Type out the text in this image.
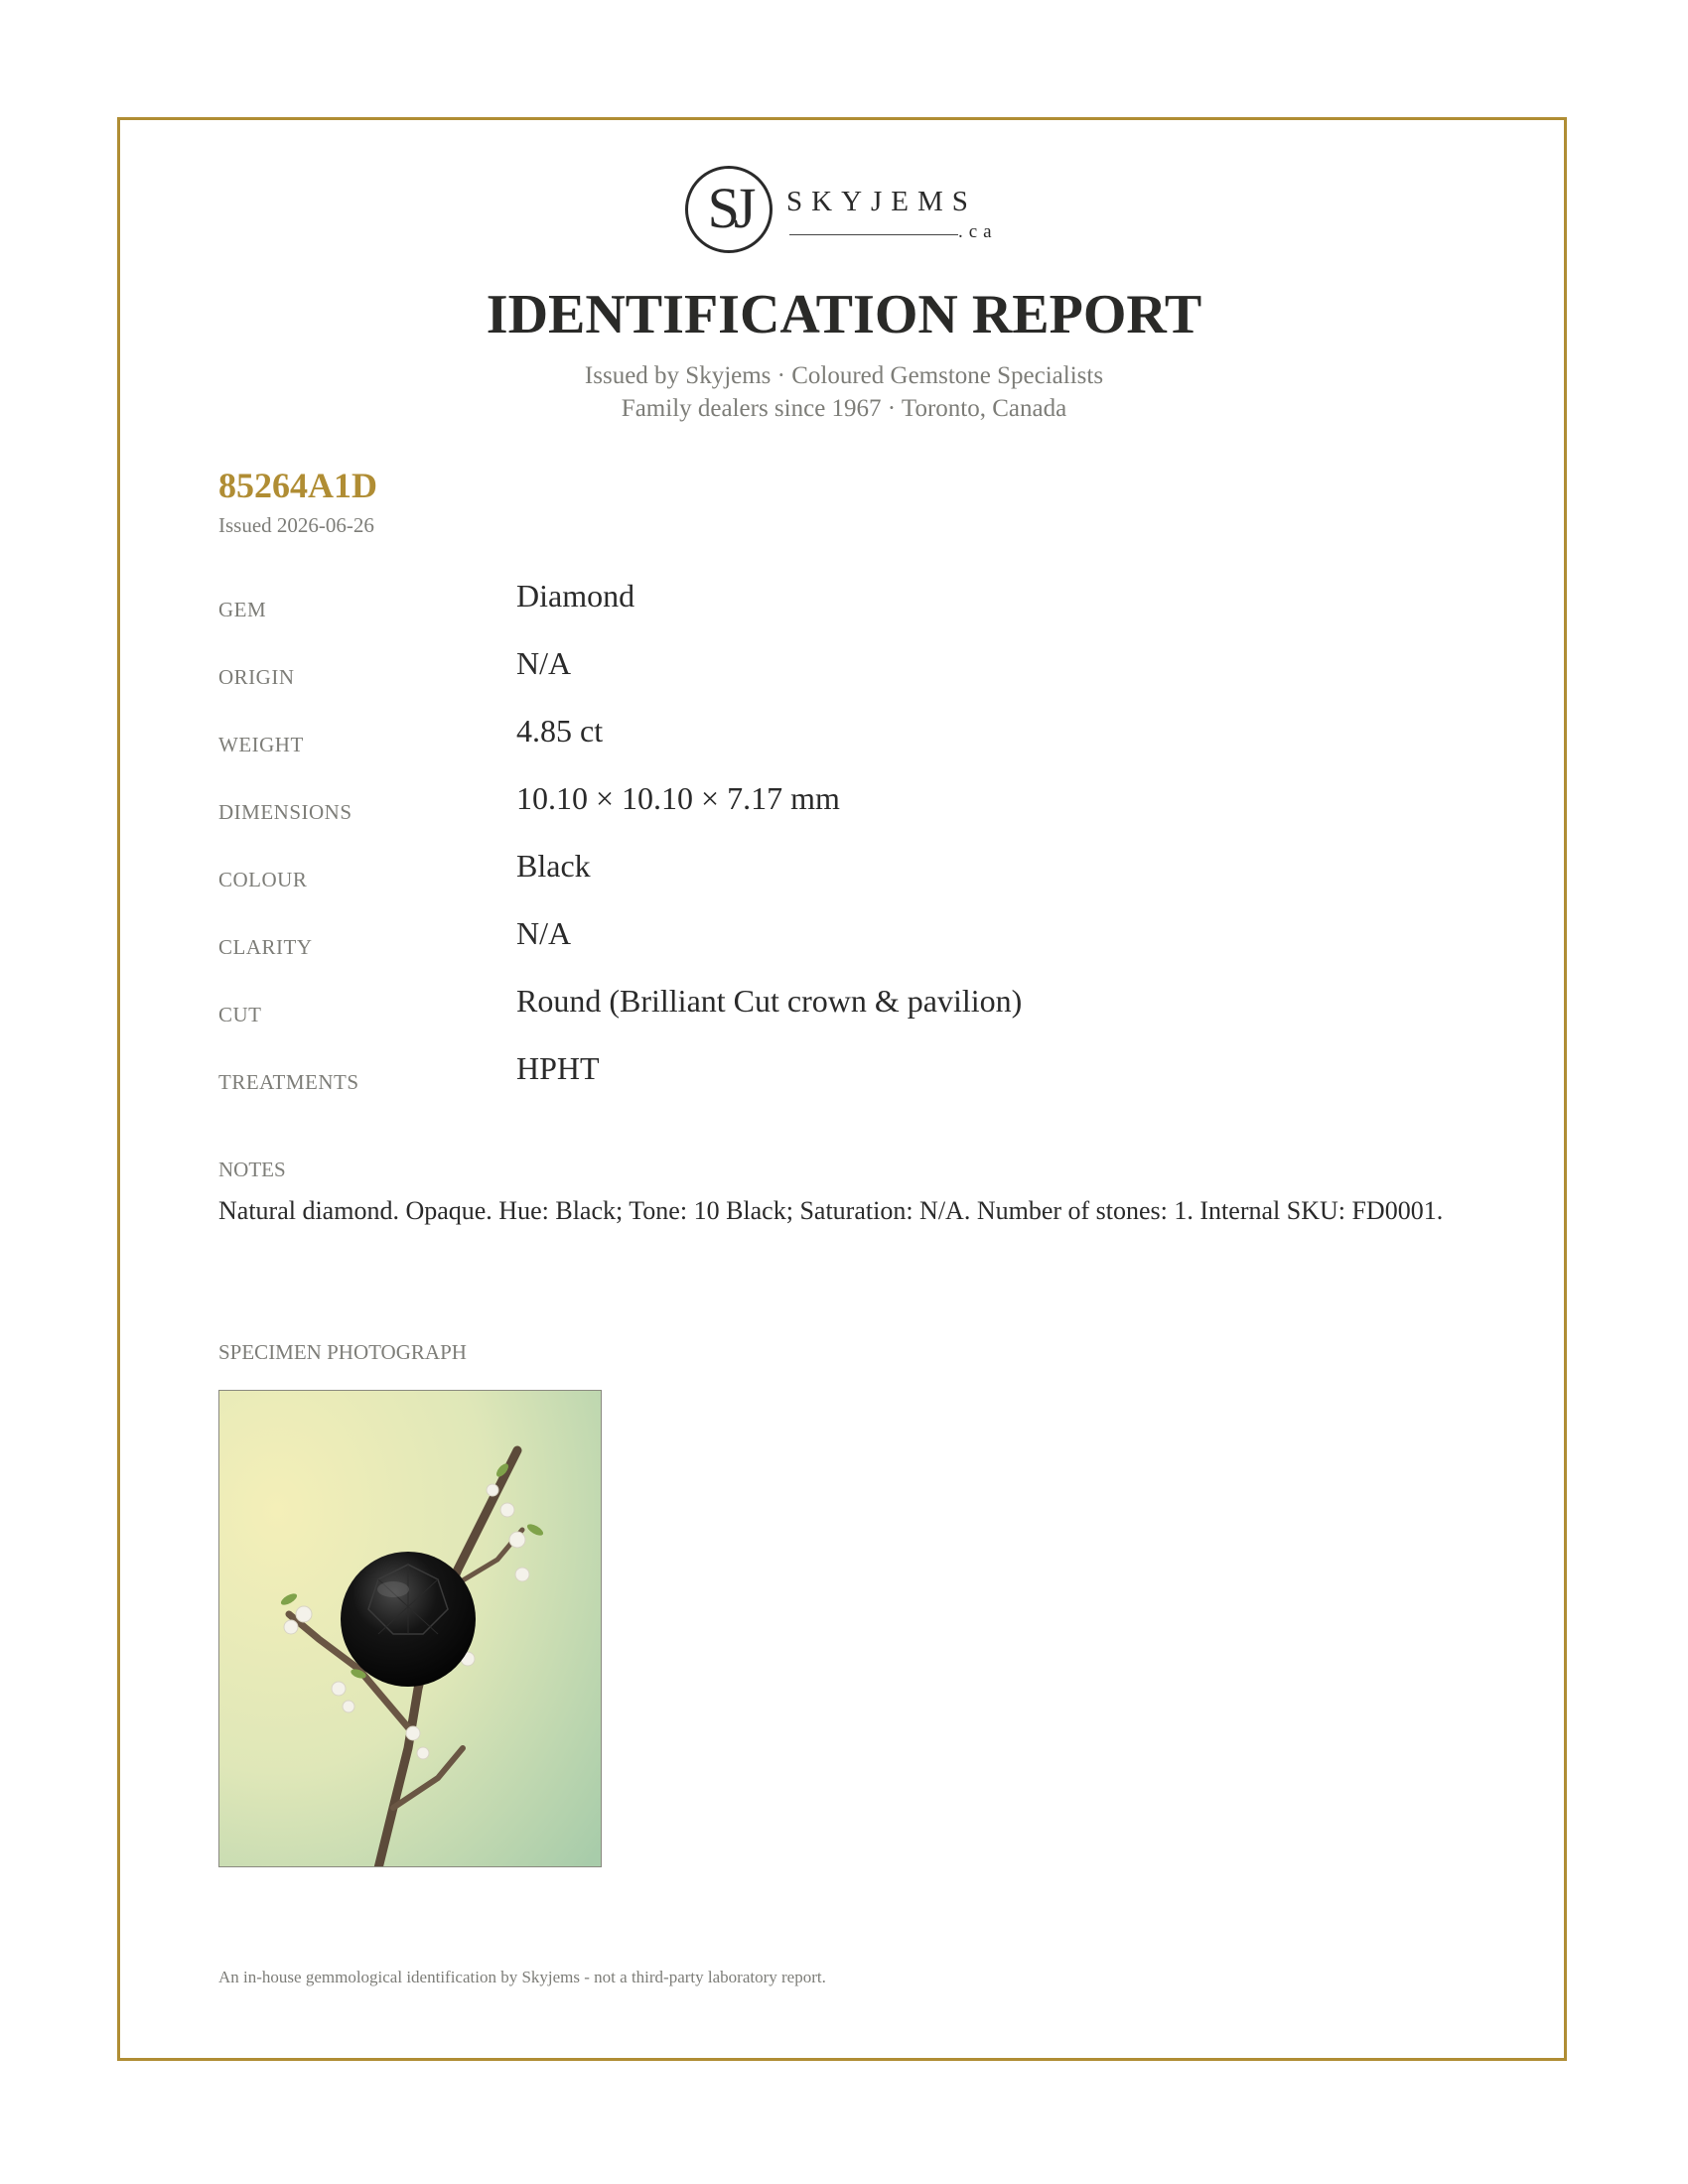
SJ	SKYJEMS
.ca
IDENTIFICATION REPORT
Issued by Skyjems · Coloured Gemstone Specialists
Family dealers since 1967 · Toronto, Canada
85264A1D
Issued 2026-06-26
GEM	Diamond
ORIGIN	N/A
WEIGHT	4.85 ct
DIMENSIONS	10.10 × 10.10 × 7.17 mm
COLOUR	Black
CLARITY	N/A
CUT	Round (Brilliant Cut crown & pavilion)
TREATMENTS	HPHT
NOTES
Natural diamond. Opaque. Hue: Black; Tone: 10 Black; Saturation: N/A. Number of stones: 1. Internal SKU: FD0001.
SPECIMEN PHOTOGRAPH
An in-house gemmological identification by Skyjems - not a third-party laboratory report.
